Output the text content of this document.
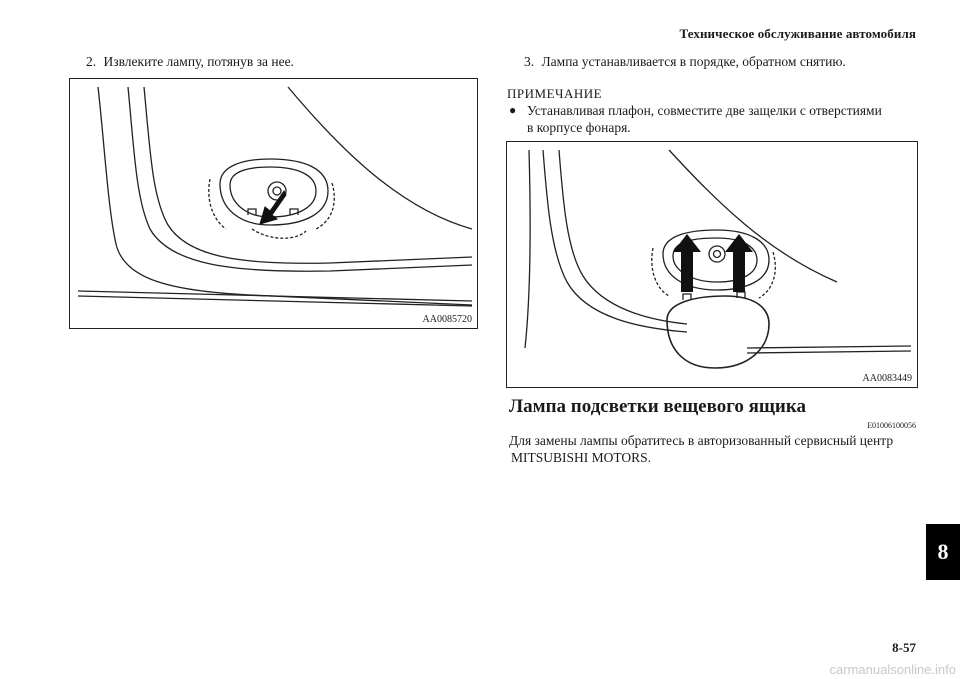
Техническое обслуживание автомобиля
2. Извлеките лампу, потянув за нее.
AA0085720
3. Лампа устанавливается в порядке, обратном снятию.
ПРИМЕЧАНИЕ
● Устанавливая плафон, совместите две защелки с отверстиями
в корпусе фонаря.
AA0083449
Лампа подсветки вещевого ящика
E01006100056
Для замены лампы обратитесь в авторизованный сервисный центр
MITSUBISHI MOTORS.
8
8-57
carmanualsonline.info
